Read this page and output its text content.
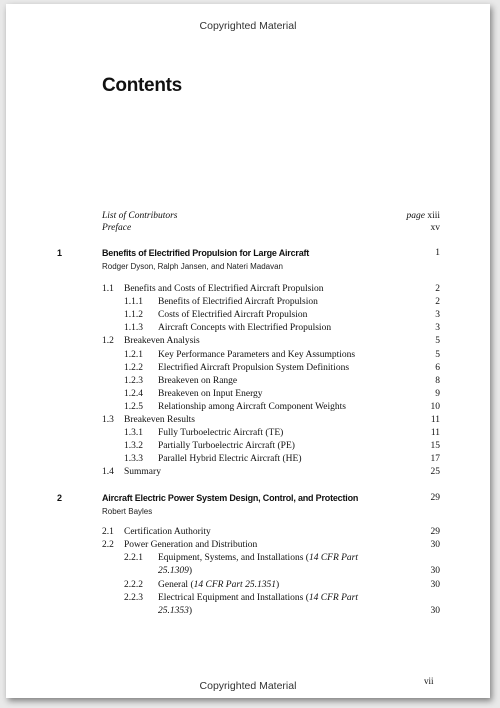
Copyrighted Material
Contents
List of Contributors	page xiii
Preface	xv
1	Benefits of Electrified Propulsion for Large Aircraft	1
Rodger Dyson, Ralph Jansen, and Nateri Madavan
1.1 Benefits and Costs of Electrified Aircraft Propulsion	2
1.1.1 Benefits of Electrified Aircraft Propulsion	2
1.1.2 Costs of Electrified Aircraft Propulsion	3
1.1.3 Aircraft Concepts with Electrified Propulsion	3
1.2 Breakeven Analysis	5
1.2.1 Key Performance Parameters and Key Assumptions	5
1.2.2 Electrified Aircraft Propulsion System Definitions	6
1.2.3 Breakeven on Range	8
1.2.4 Breakeven on Input Energy	9
1.2.5 Relationship among Aircraft Component Weights	10
1.3 Breakeven Results	11
1.3.1 Fully Turboelectric Aircraft (TE)	11
1.3.2 Partially Turboelectric Aircraft (PE)	15
1.3.3 Parallel Hybrid Electric Aircraft (HE)	17
1.4 Summary	25
2	Aircraft Electric Power System Design, Control, and Protection	29
Robert Bayles
2.1 Certification Authority	29
2.2 Power Generation and Distribution	30
2.2.1 Equipment, Systems, and Installations (14 CFR Part
25.1309)	30
2.2.2 General (14 CFR Part 25.1351)	30
2.2.3 Electrical Equipment and Installations (14 CFR Part
25.1353)	30
vii
Copyrighted Material
